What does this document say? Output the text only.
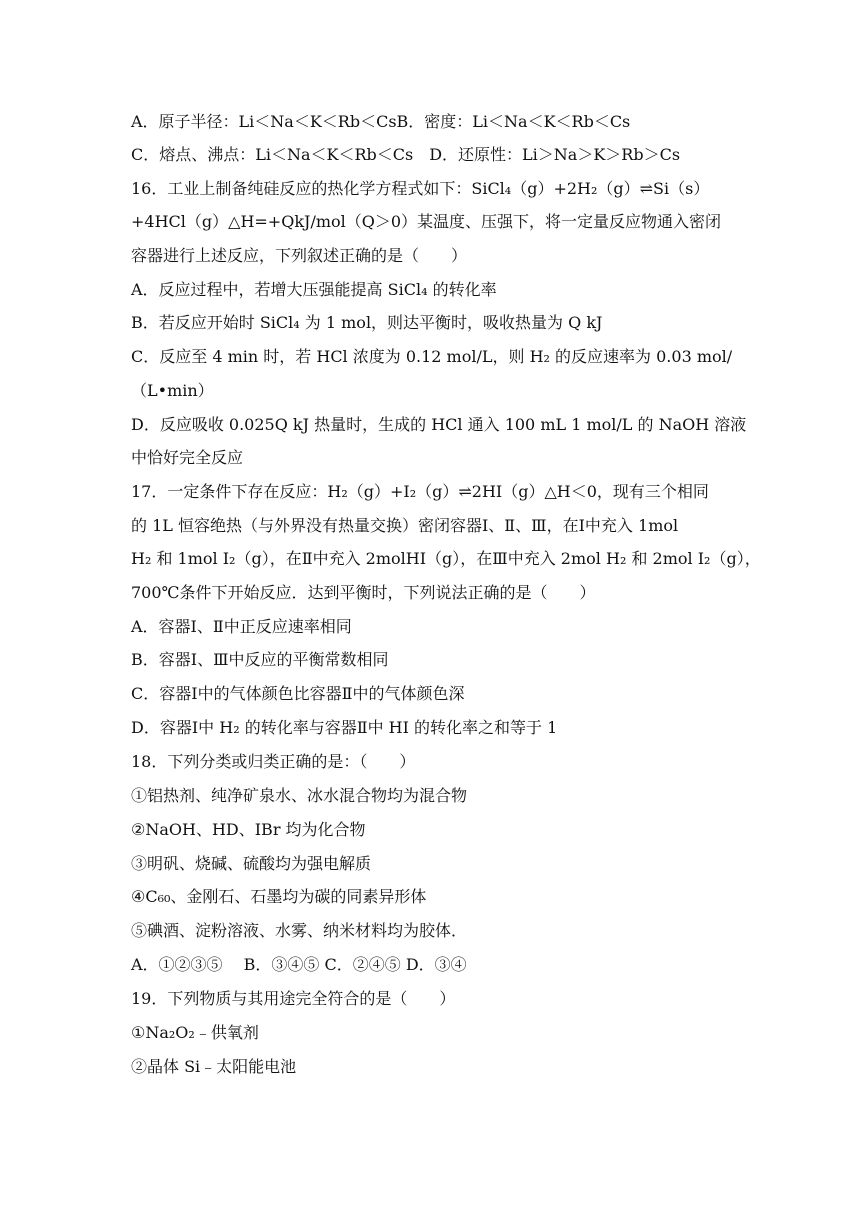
A．原子半径：Li＜Na＜K＜Rb＜CsB．密度：Li＜Na＜K＜Rb＜Cs
C．熔点、沸点：Li＜Na＜K＜Rb＜Cs　D．还原性：Li＞Na＞K＞Rb＞Cs
16．工业上制备纯硅反应的热化学方程式如下：SiCl₄（g）+2H₂（g）⇌Si（s）
+4HCl（g）△H=+QkJ/mol（Q＞0）某温度、压强下，将一定量反应物通入密闭
容器进行上述反应，下列叙述正确的是（　　）
A．反应过程中，若增大压强能提高 SiCl₄ 的转化率
B．若反应开始时 SiCl₄ 为 1 mol，则达平衡时，吸收热量为 Q kJ
C．反应至 4 min 时，若 HCl 浓度为 0.12 mol/L，则 H₂ 的反应速率为 0.03 mol/
（L•min）
D．反应吸收 0.025Q kJ 热量时，生成的 HCl 通入 100 mL 1 mol/L 的 NaOH 溶液
中恰好完全反应
17．一定条件下存在反应：H₂（g）+I₂（g）⇌2HI（g）△H＜0，现有三个相同
的 1L 恒容绝热（与外界没有热量交换）密闭容器Ⅰ、Ⅱ、Ⅲ，在Ⅰ中充入 1mol
H₂ 和 1mol I₂（g），在Ⅱ中充入 2molHI（g），在Ⅲ中充入 2mol H₂ 和 2mol I₂（g），
700℃条件下开始反应．达到平衡时，下列说法正确的是（　　）
A．容器Ⅰ、Ⅱ中正反应速率相同
B．容器Ⅰ、Ⅲ中反应的平衡常数相同
C．容器Ⅰ中的气体颜色比容器Ⅱ中的气体颜色深
D．容器Ⅰ中 H₂ 的转化率与容器Ⅱ中 HI 的转化率之和等于 1
18．下列分类或归类正确的是：（　　）
①铝热剂、纯净矿泉水、冰水混合物均为混合物
②NaOH、HD、IBr 均为化合物
③明矾、烧碱、硫酸均为强电解质
④C₆₀、金刚石、石墨均为碳的同素异形体
⑤碘酒、淀粉溶液、水雾、纳米材料均为胶体．
A．①②③⑤　 B．③④⑤ C．②④⑤ D．③④
19．下列物质与其用途完全符合的是（　　）
①Na₂O₂﹣供氧剂
②晶体 Si﹣太阳能电池
